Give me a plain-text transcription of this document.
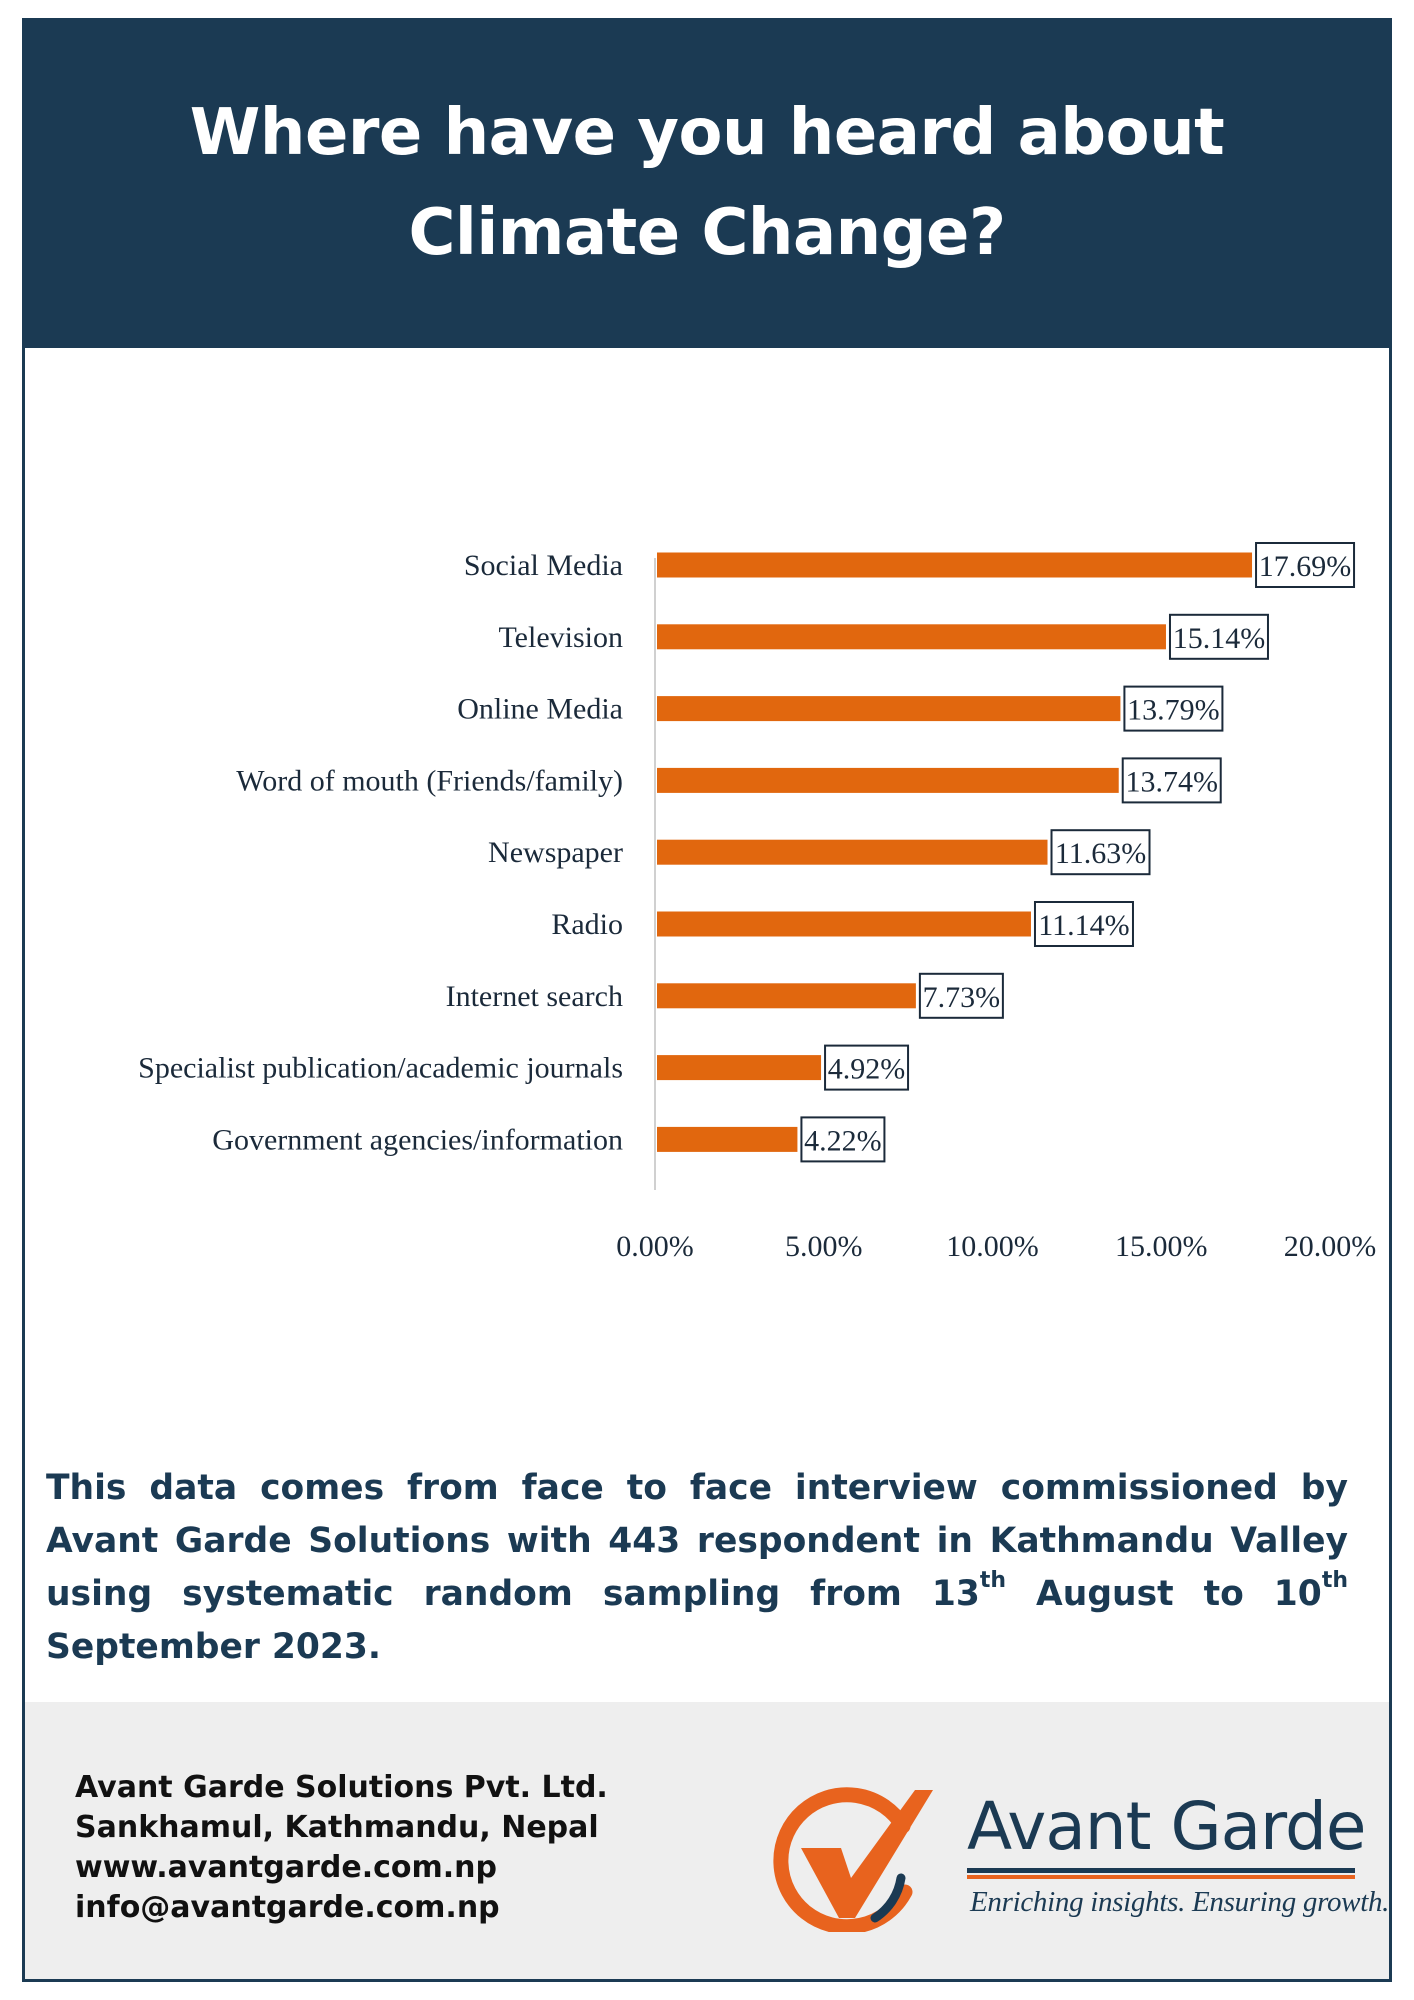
Where have you heard about Climate Change?
Social Media	17.69%
Television	15.14%
Online Media	13.79%
Word of mouth (Friends/family)	13.74%
Newspaper	11.63%
Radio	11.14%
Internet search	7.73%
Specialist publication/academic journals	4.92%
Government agencies/information	4.22%
0.00%	5.00%	10.00%	15.00%	20.00%

This data comes from face to face interview commissioned by Avant Garde Solutions with 443 respondent in Kathmandu Valley using systematic random sampling from 13th August to 10th September 2023.

Avant Garde Solutions Pvt. Ltd.
Sankhamul, Kathmandu, Nepal
www.avantgarde.com.np
info@avantgarde.com.np
Avant Garde
Enriching insights. Ensuring growth.
